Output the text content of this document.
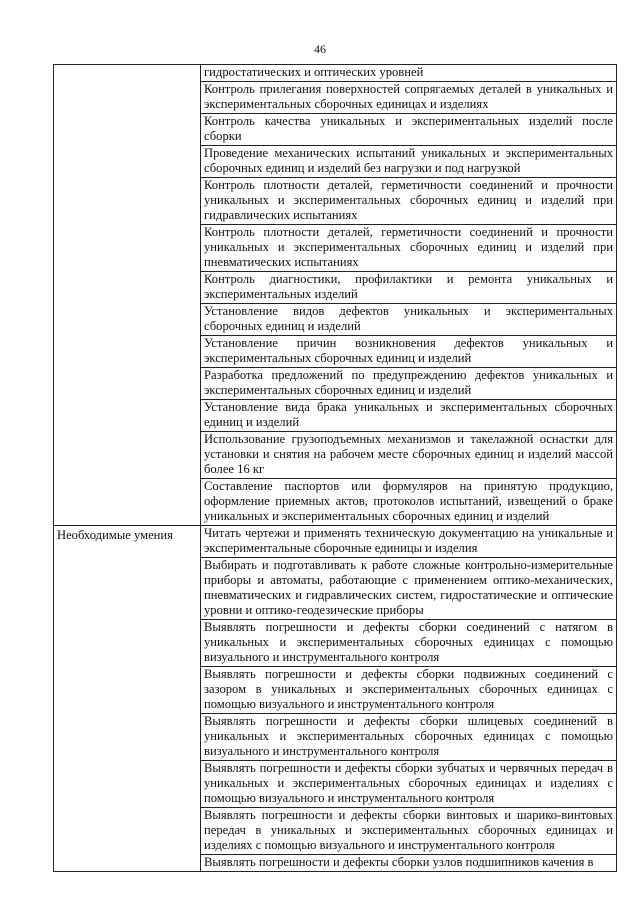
46
	гидростатических и оптических уровней
	Контроль прилегания поверхностей сопрягаемых деталей в уникальных и экспериментальных сборочных единицах и изделиях
	Контроль качества уникальных и экспериментальных изделий после сборки
	Проведение механических испытаний уникальных и экспериментальных сборочных единиц и изделий без нагрузки и под нагрузкой
	Контроль плотности деталей, герметичности соединений и прочности уникальных и экспериментальных сборочных единиц и изделий при гидравлических испытаниях
	Контроль плотности деталей, герметичности соединений и прочности уникальных и экспериментальных сборочных единиц и изделий при пневматических испытаниях
	Контроль диагностики, профилактики и ремонта уникальных и экспериментальных изделий
	Установление видов дефектов уникальных и экспериментальных сборочных единиц и изделий
	Установление причин возникновения дефектов уникальных и экспериментальных сборочных единиц и изделий
	Разработка предложений по предупреждению дефектов уникальных и экспериментальных сборочных единиц и изделий
	Установление вида брака уникальных и экспериментальных сборочных единиц и изделий
	Использование грузоподъемных механизмов и такелажной оснастки для установки и снятия на рабочем месте сборочных единиц и изделий массой более 16 кг
	Составление паспортов или формуляров на принятую продукцию, оформление приемных актов, протоколов испытаний, извещений о браке уникальных и экспериментальных сборочных единиц и изделий
Необходимые умения	Читать чертежи и применять техническую документацию на уникальные и экспериментальные сборочные единицы и изделия
	Выбирать и подготавливать к работе сложные контрольно-измерительные приборы и автоматы, работающие с применением оптико-механических, пневматических и гидравлических систем, гидростатические и оптические уровни и оптико-геодезические приборы
	Выявлять погрешности и дефекты сборки соединений с натягом в уникальных и экспериментальных сборочных единицах с помощью визуального и инструментального контроля
	Выявлять погрешности и дефекты сборки подвижных соединений с зазором в уникальных и экспериментальных сборочных единицах с помощью визуального и инструментального контроля
	Выявлять погрешности и дефекты сборки шлицевых соединений в уникальных и экспериментальных сборочных единицах с помощью визуального и инструментального контроля
	Выявлять погрешности и дефекты сборки зубчатых и червячных передач в уникальных и экспериментальных сборочных единицах и изделиях с помощью визуального и инструментального контроля
	Выявлять погрешности и дефекты сборки винтовых и шарико-винтовых передач в уникальных и экспериментальных сборочных единицах и изделиях с помощью визуального и инструментального контроля
	Выявлять погрешности и дефекты сборки узлов подшипников качения в
